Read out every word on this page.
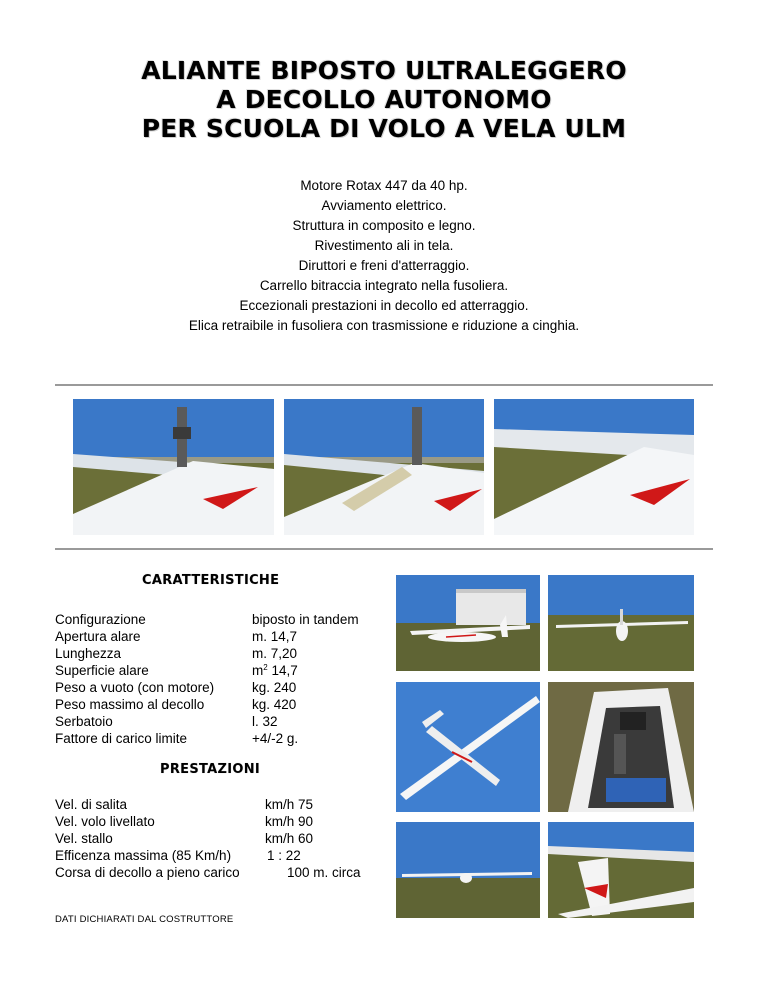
ALIANTE BIPOSTO ULTRALEGGERO
A DECOLLO AUTONOMO
PER SCUOLA DI VOLO A VELA ULM
Motore Rotax 447 da 40 hp.
Avviamento elettrico.
Struttura in composito e legno.
Rivestimento ali in tela.
Diruttori e freni d'atterraggio.
Carrello bitraccia integrato nella fusoliera.
Eccezionali prestazioni in decollo ed atterraggio.
Elica retraibile in fusoliera con trasmissione e riduzione a cinghia.
CARATTERISTICHE
Configurazione	biposto in tandem
Apertura alare	m. 14,7
Lunghezza	m. 7,20
Superficie alare	$m^2$ 14,7
Peso a vuoto (con motore)	kg. 240
Peso massimo al decollo	kg. 420
Serbatoio	l. 32
Fattore di carico limite	+4/-2 g.
PRESTAZIONI
Vel. di salita	km/h 75
Vel. volo livellato	km/h 90
Vel. stallo	km/h 60
Efficenza massima (85 Km/h)	1 : 22
Corsa di decollo a pieno carico	100 m. circa
DATI DICHIARATI DAL COSTRUTTORE
